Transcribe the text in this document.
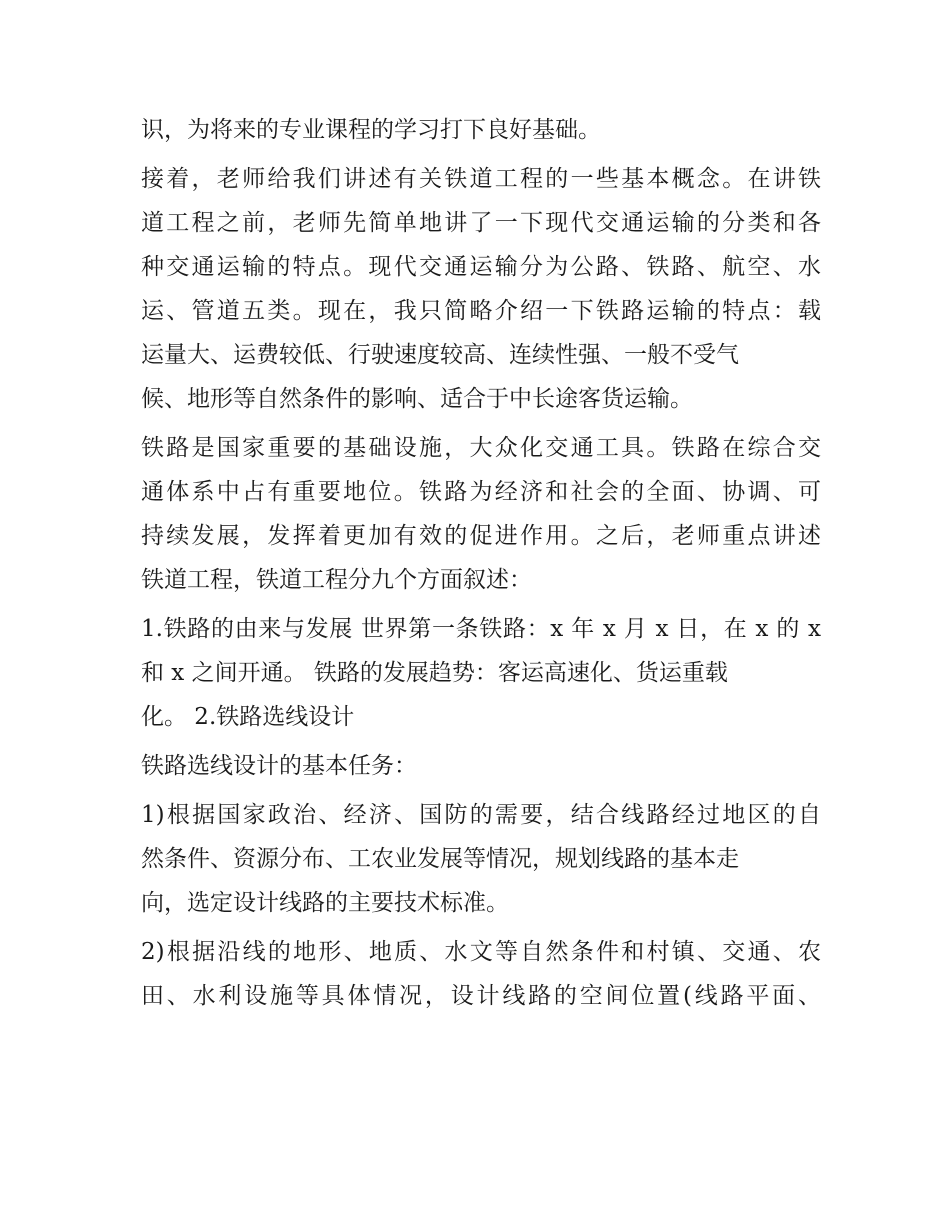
识，为将来的专业课程的学习打下良好基础。
接着，老师给我们讲述有关铁道工程的一些基本概念。在讲铁
道工程之前，老师先简单地讲了一下现代交通运输的分类和各
种交通运输的特点。现代交通运输分为公路、铁路、航空、水
运、管道五类。现在，我只简略介绍一下铁路运输的特点：载
运量大、运费较低、行驶速度较高、连续性强、一般不受气
候、地形等自然条件的影响、适合于中长途客货运输。
铁路是国家重要的基础设施，大众化交通工具。铁路在综合交
通体系中占有重要地位。铁路为经济和社会的全面、协调、可
持续发展，发挥着更加有效的促进作用。之后，老师重点讲述
铁道工程，铁道工程分九个方面叙述：
1.铁路的由来与发展 世界第一条铁路：x 年 x 月 x 日，在 x 的 x
和 x 之间开通。 铁路的发展趋势：客运高速化、货运重载
化。 2.铁路选线设计
铁路选线设计的基本任务：
1)根据国家政治、经济、国防的需要，结合线路经过地区的自
然条件、资源分布、工农业发展等情况，规划线路的基本走
向，选定设计线路的主要技术标准。
2)根据沿线的地形、地质、水文等自然条件和村镇、交通、农
田、水利设施等具体情况，设计线路的空间位置(线路平面、
